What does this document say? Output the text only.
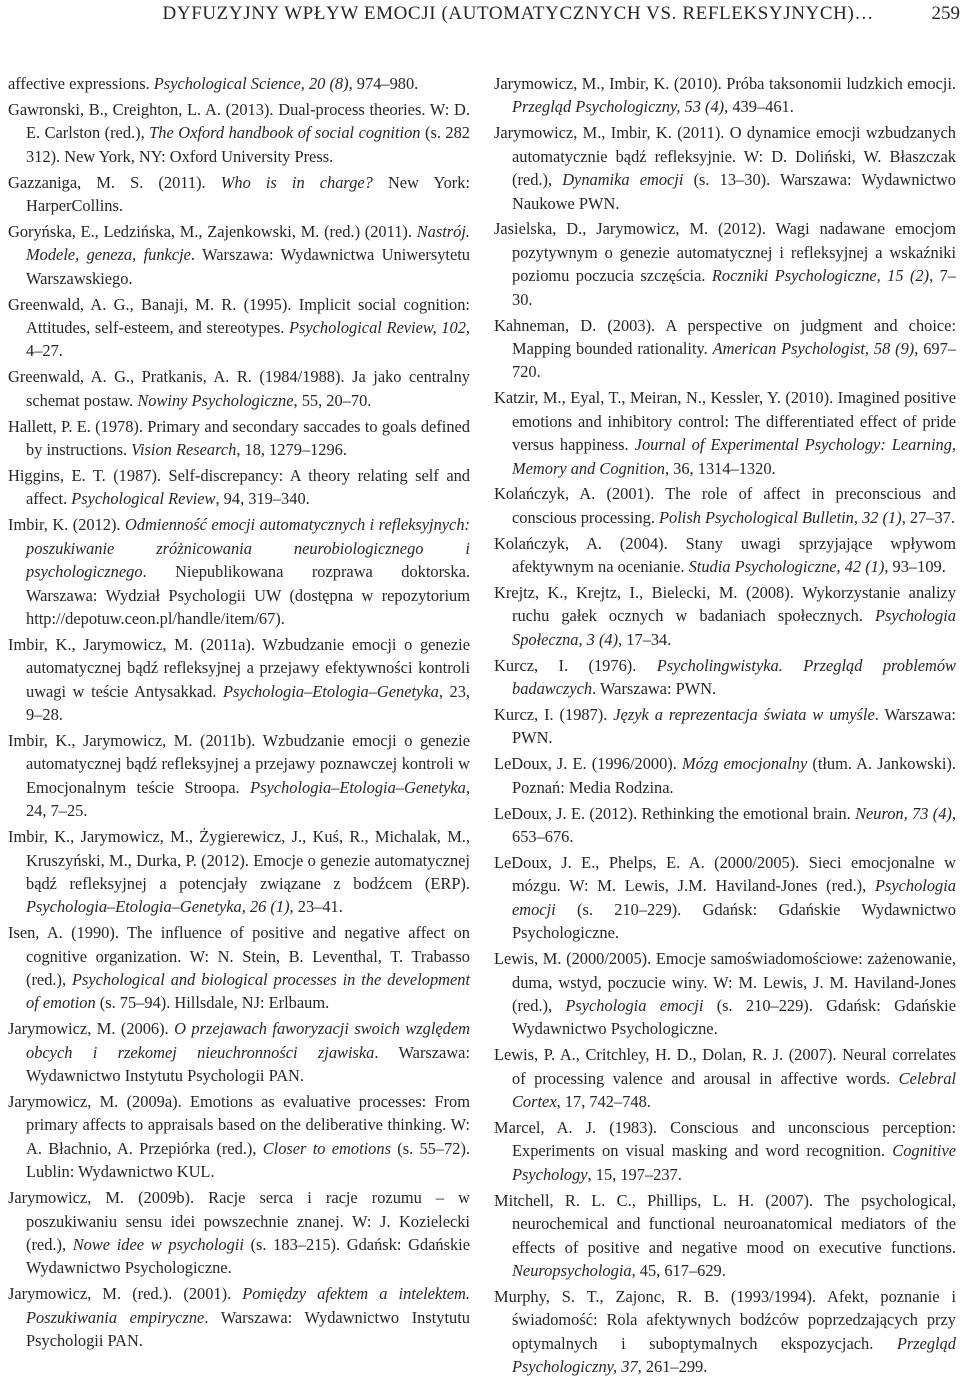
DYFUZYJNY WPŁYW EMOCJI (AUTOMATYCZNYCH VS. REFLEKSYJNYCH)…	259

affective expressions. Psychological Science, 20 (8), 974–980.

Gawronski, B., Creighton, L. A. (2013). Dual-process theories. W: D. E. Carlston (red.), The Oxford handbook of social cognition (s. 282 312). New York, NY: Oxford University Press.

Gazzaniga, M. S. (2011). Who is in charge? New York: HarperCollins.

Goryńska, E., Ledzińska, M., Zajenkowski, M. (red.) (2011). Nastrój. Modele, geneza, funkcje. Warszawa: Wydawnictwa Uniwersytetu Warszawskiego.

Greenwald, A. G., Banaji, M. R. (1995). Implicit social cognition: Attitudes, self-esteem, and stereotypes. Psychological Review, 102, 4–27.

Greenwald, A. G., Pratkanis, A. R. (1984/1988). Ja jako centralny schemat postaw. Nowiny Psychologiczne, 55, 20–70.

Hallett, P. E. (1978). Primary and secondary saccades to goals defined by instructions. Vision Research, 18, 1279–1296.

Higgins, E. T. (1987). Self-discrepancy: A theory relating self and affect. Psychological Review, 94, 319–340.

Imbir, K. (2012). Odmienność emocji automatycznych i refleksyjnych: poszukiwanie zróżnicowania neurobiologicznego i psychologicznego. Niepublikowana rozprawa doktorska. Warszawa: Wydział Psychologii UW (dostępna w repozytorium http://depotuw.ceon.pl/handle/item/67).

Imbir, K., Jarymowicz, M. (2011a). Wzbudzanie emocji o genezie automatycznej bądź refleksyjnej a przejawy efektywności kontroli uwagi w teście Antysakkad. Psychologia–Etologia–Genetyka, 23, 9–28.

Imbir, K., Jarymowicz, M. (2011b). Wzbudzanie emocji o genezie automatycznej bądź refleksyjnej a przejawy poznawczej kontroli w Emocjonalnym teście Stroopa. Psychologia–Etologia–Genetyka, 24, 7–25.

Imbir, K., Jarymowicz, M., Żygierewicz, J., Kuś, R., Michalak, M., Kruszyński, M., Durka, P. (2012). Emocje o genezie automatycznej bądź refleksyjnej a potencjały związane z bodźcem (ERP). Psychologia–Etologia–Genetyka, 26 (1), 23–41.

Isen, A. (1990). The influence of positive and negative affect on cognitive organization. W: N. Stein, B. Leventhal, T. Trabasso (red.), Psychological and biological processes in the development of emotion (s. 75–94). Hillsdale, NJ: Erlbaum.

Jarymowicz, M. (2006). O przejawach faworyzacji swoich względem obcych i rzekomej nieuchronności zjawiska. Warszawa: Wydawnictwo Instytutu Psychologii PAN.

Jarymowicz, M. (2009a). Emotions as evaluative processes: From primary affects to appraisals based on the deliberative thinking. W: A. Błachnio, A. Przepiórka (red.), Closer to emotions (s. 55–72). Lublin: Wydawnictwo KUL.

Jarymowicz, M. (2009b). Racje serca i racje rozumu – w poszukiwaniu sensu idei powszechnie znanej. W: J. Kozielecki (red.), Nowe idee w psychologii (s. 183–215). Gdańsk: Gdańskie Wydawnictwo Psychologiczne.

Jarymowicz, M. (red.). (2001). Pomiędzy afektem a intelektem. Poszukiwania empiryczne. Warszawa: Wydawnictwo Instytutu Psychologii PAN.

Jarymowicz, M., Imbir, K. (2010). Próba taksonomii ludzkich emocji. Przegląd Psychologiczny, 53 (4), 439–461.

Jarymowicz, M., Imbir, K. (2011). O dynamice emocji wzbudzanych automatycznie bądź refleksyjnie. W: D. Doliński, W. Błaszczak (red.), Dynamika emocji (s. 13–30). Warszawa: Wydawnictwo Naukowe PWN.

Jasielska, D., Jarymowicz, M. (2012). Wagi nadawane emocjom pozytywnym o genezie automatycznej i refleksyjnej a wskaźniki poziomu poczucia szczęścia. Roczniki Psychologiczne, 15 (2), 7–30.

Kahneman, D. (2003). A perspective on judgment and choice: Mapping bounded rationality. American Psychologist, 58 (9), 697–720.

Katzir, M., Eyal, T., Meiran, N., Kessler, Y. (2010). Imagined positive emotions and inhibitory control: The differentiated effect of pride versus happiness. Journal of Experimental Psychology: Learning, Memory and Cognition, 36, 1314–1320.

Kolańczyk, A. (2001). The role of affect in preconscious and conscious processing. Polish Psychological Bulletin, 32 (1), 27–37.

Kolańczyk, A. (2004). Stany uwagi sprzyjające wpływom afektywnym na ocenianie. Studia Psychologiczne, 42 (1), 93–109.

Krejtz, K., Krejtz, I., Bielecki, M. (2008). Wykorzystanie analizy ruchu gałek ocznych w badaniach społecznych. Psychologia Społeczna, 3 (4), 17–34.

Kurcz, I. (1976). Psycholingwistyka. Przegląd problemów badawczych. Warszawa: PWN.

Kurcz, I. (1987). Język a reprezentacja świata w umyśle. Warszawa: PWN.

LeDoux, J. E. (1996/2000). Mózg emocjonalny (tłum. A. Jankowski). Poznań: Media Rodzina.

LeDoux, J. E. (2012). Rethinking the emotional brain. Neuron, 73 (4), 653–676.

LeDoux, J. E., Phelps, E. A. (2000/2005). Sieci emocjonalne w mózgu. W: M. Lewis, J.M. Haviland-Jones (red.), Psychologia emocji (s. 210–229). Gdańsk: Gdańskie Wydawnictwo Psychologiczne.

Lewis, M. (2000/2005). Emocje samoświadomościowe: zażenowanie, duma, wstyd, poczucie winy. W: M. Lewis, J. M. Haviland-Jones (red.), Psychologia emocji (s. 210–229). Gdańsk: Gdańskie Wydawnictwo Psychologiczne.

Lewis, P. A., Critchley, H. D., Dolan, R. J. (2007). Neural correlates of processing valence and arousal in affective words. Celebral Cortex, 17, 742–748.

Marcel, A. J. (1983). Conscious and unconscious perception: Experiments on visual masking and word recognition. Cognitive Psychology, 15, 197–237.

Mitchell, R. L. C., Phillips, L. H. (2007). The psychological, neurochemical and functional neuroanatomical mediators of the effects of positive and negative mood on executive functions. Neuropsychologia, 45, 617–629.

Murphy, S. T., Zajonc, R. B. (1993/1994). Afekt, poznanie i świadomość: Rola afektywnych bodźców poprzedzających przy optymalnych i suboptymalnych ekspozycjach. Przegląd Psychologiczny, 37, 261–299.
